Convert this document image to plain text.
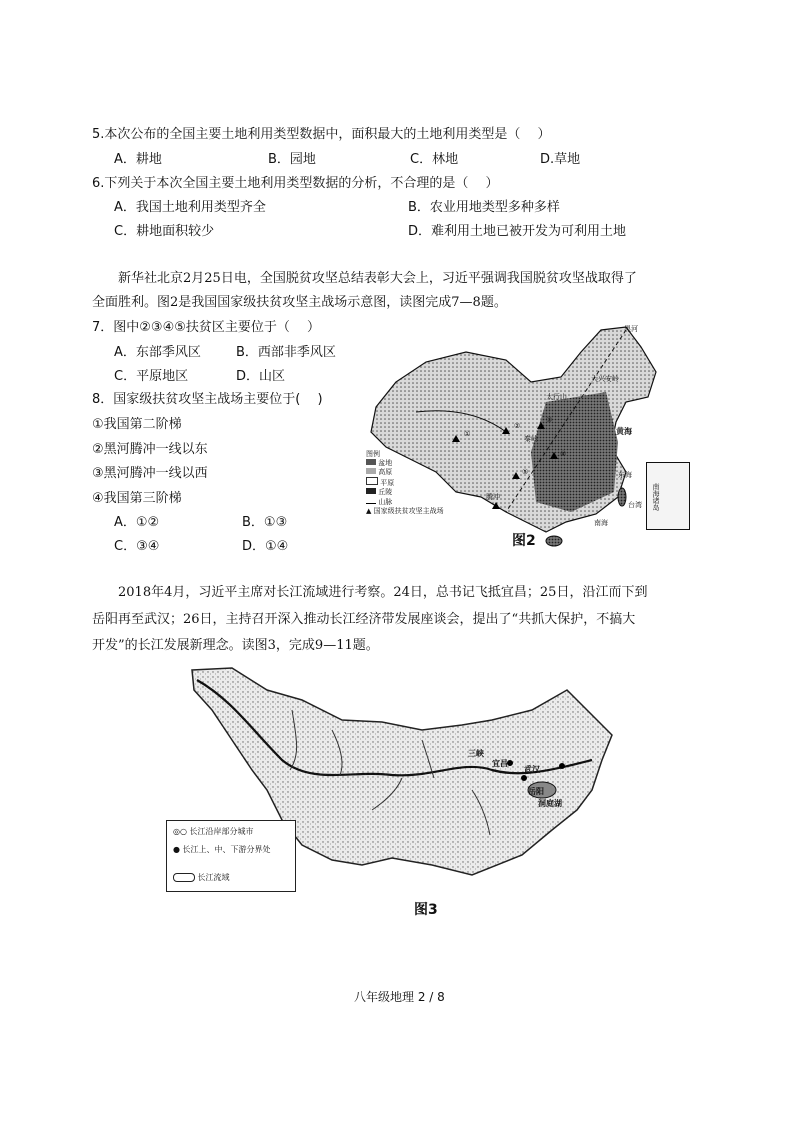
5.本次公布的全国主要土地利用类型数据中，面积最大的土地利用类型是（　 ）
A．耕地	B．园地	C．林地	D.草地
6.下列关于本次全国主要土地利用类型数据的分析，不合理的是（　 ）
A．我国土地利用类型齐全	B．农业用地类型多种多样
C．耕地面积较少	D．难利用土地已被开发为可利用土地
新华社北京2月25日电，全国脱贫攻坚总结表彰大会上，习近平强调我国脱贫攻坚战取得了
全面胜利。图2是我国国家级扶贫攻坚主战场示意图，读图完成7—8题。
7．图中②③④⑤扶贫区主要位于（　 ）
A．东部季风区	B．西部非季风区
C．平原地区	D．山区
8．国家级扶贫攻坚主战场主要位于(　 )
①我国第二阶梯
②黑河腾冲一线以东
③黑河腾冲一线以西
④我国第三阶梯
A．①②	B．①③
C．③④	D．①④
黑河
大兴安岭
太行山
秦岭
腾冲
黄海
东海
南海
台湾
①
②
③
④
⑤
南海诸岛
图例
盆地
高原
平原
丘陵
山脉
▲ 国家级扶贫攻坚主战场
图2
2018年4月，习近平主席对长江流域进行考察。24日，总书记飞抵宜昌；25日，沿江而下到
岳阳再至武汉；26日，主持召开深入推动长江经济带发展座谈会，提出了“共抓大保护，不搞大
开发”的长江发展新理念。读图3，完成9—11题。
三峡
宜昌
武汉
岳阳
洞庭湖
◎○ 长江沿岸部分城市
● 长江上、中、下游分界处
长江流域
图3
八年级地理 2 / 8
